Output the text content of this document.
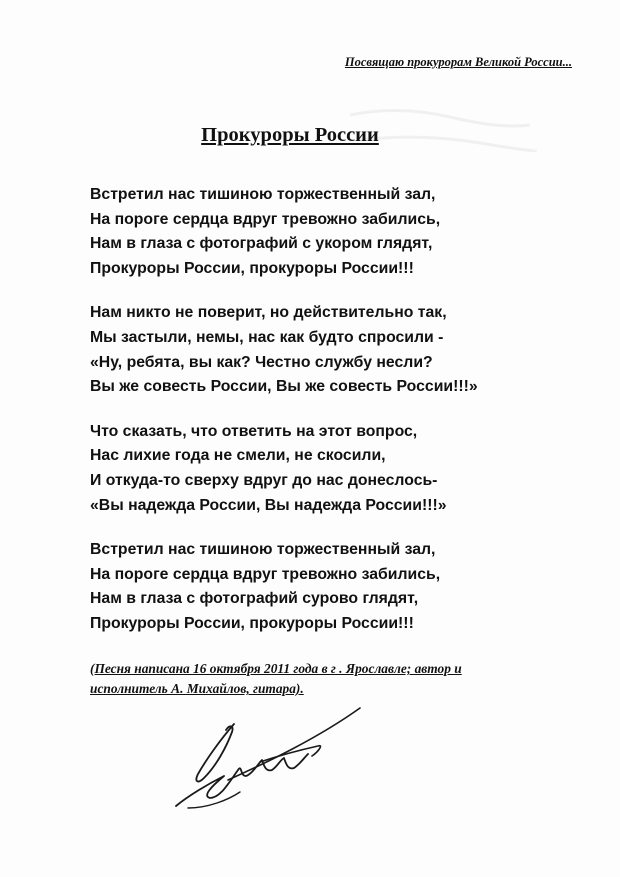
Посвящаю прокурорам Великой России...
Прокуроры России
Встретил нас тишиною торжественный зал,
На пороге сердца вдруг тревожно забились,
Нам в глаза с фотографий с укором глядят,
Прокуроры России, прокуроры России!!!
Нам никто не поверит, но действительно так,
Мы застыли, немы, нас как будто спросили -
«Ну, ребята, вы как? Честно службу несли?
Вы же совесть России, Вы же совесть России!!!»
Что сказать, что ответить на этот вопрос,
Нас лихие года не смели, не скосили,
И откуда-то сверху вдруг до нас донеслось-
«Вы надежда России, Вы надежда России!!!»
Встретил нас тишиною торжественный зал,
На пороге сердца вдруг тревожно забились,
Нам в глаза с фотографий сурово глядят,
Прокуроры России, прокуроры России!!!
(Песня написана 16 октября 2011 года в г . Ярославле; автор и
исполнитель А. Михайлов, гитара).
